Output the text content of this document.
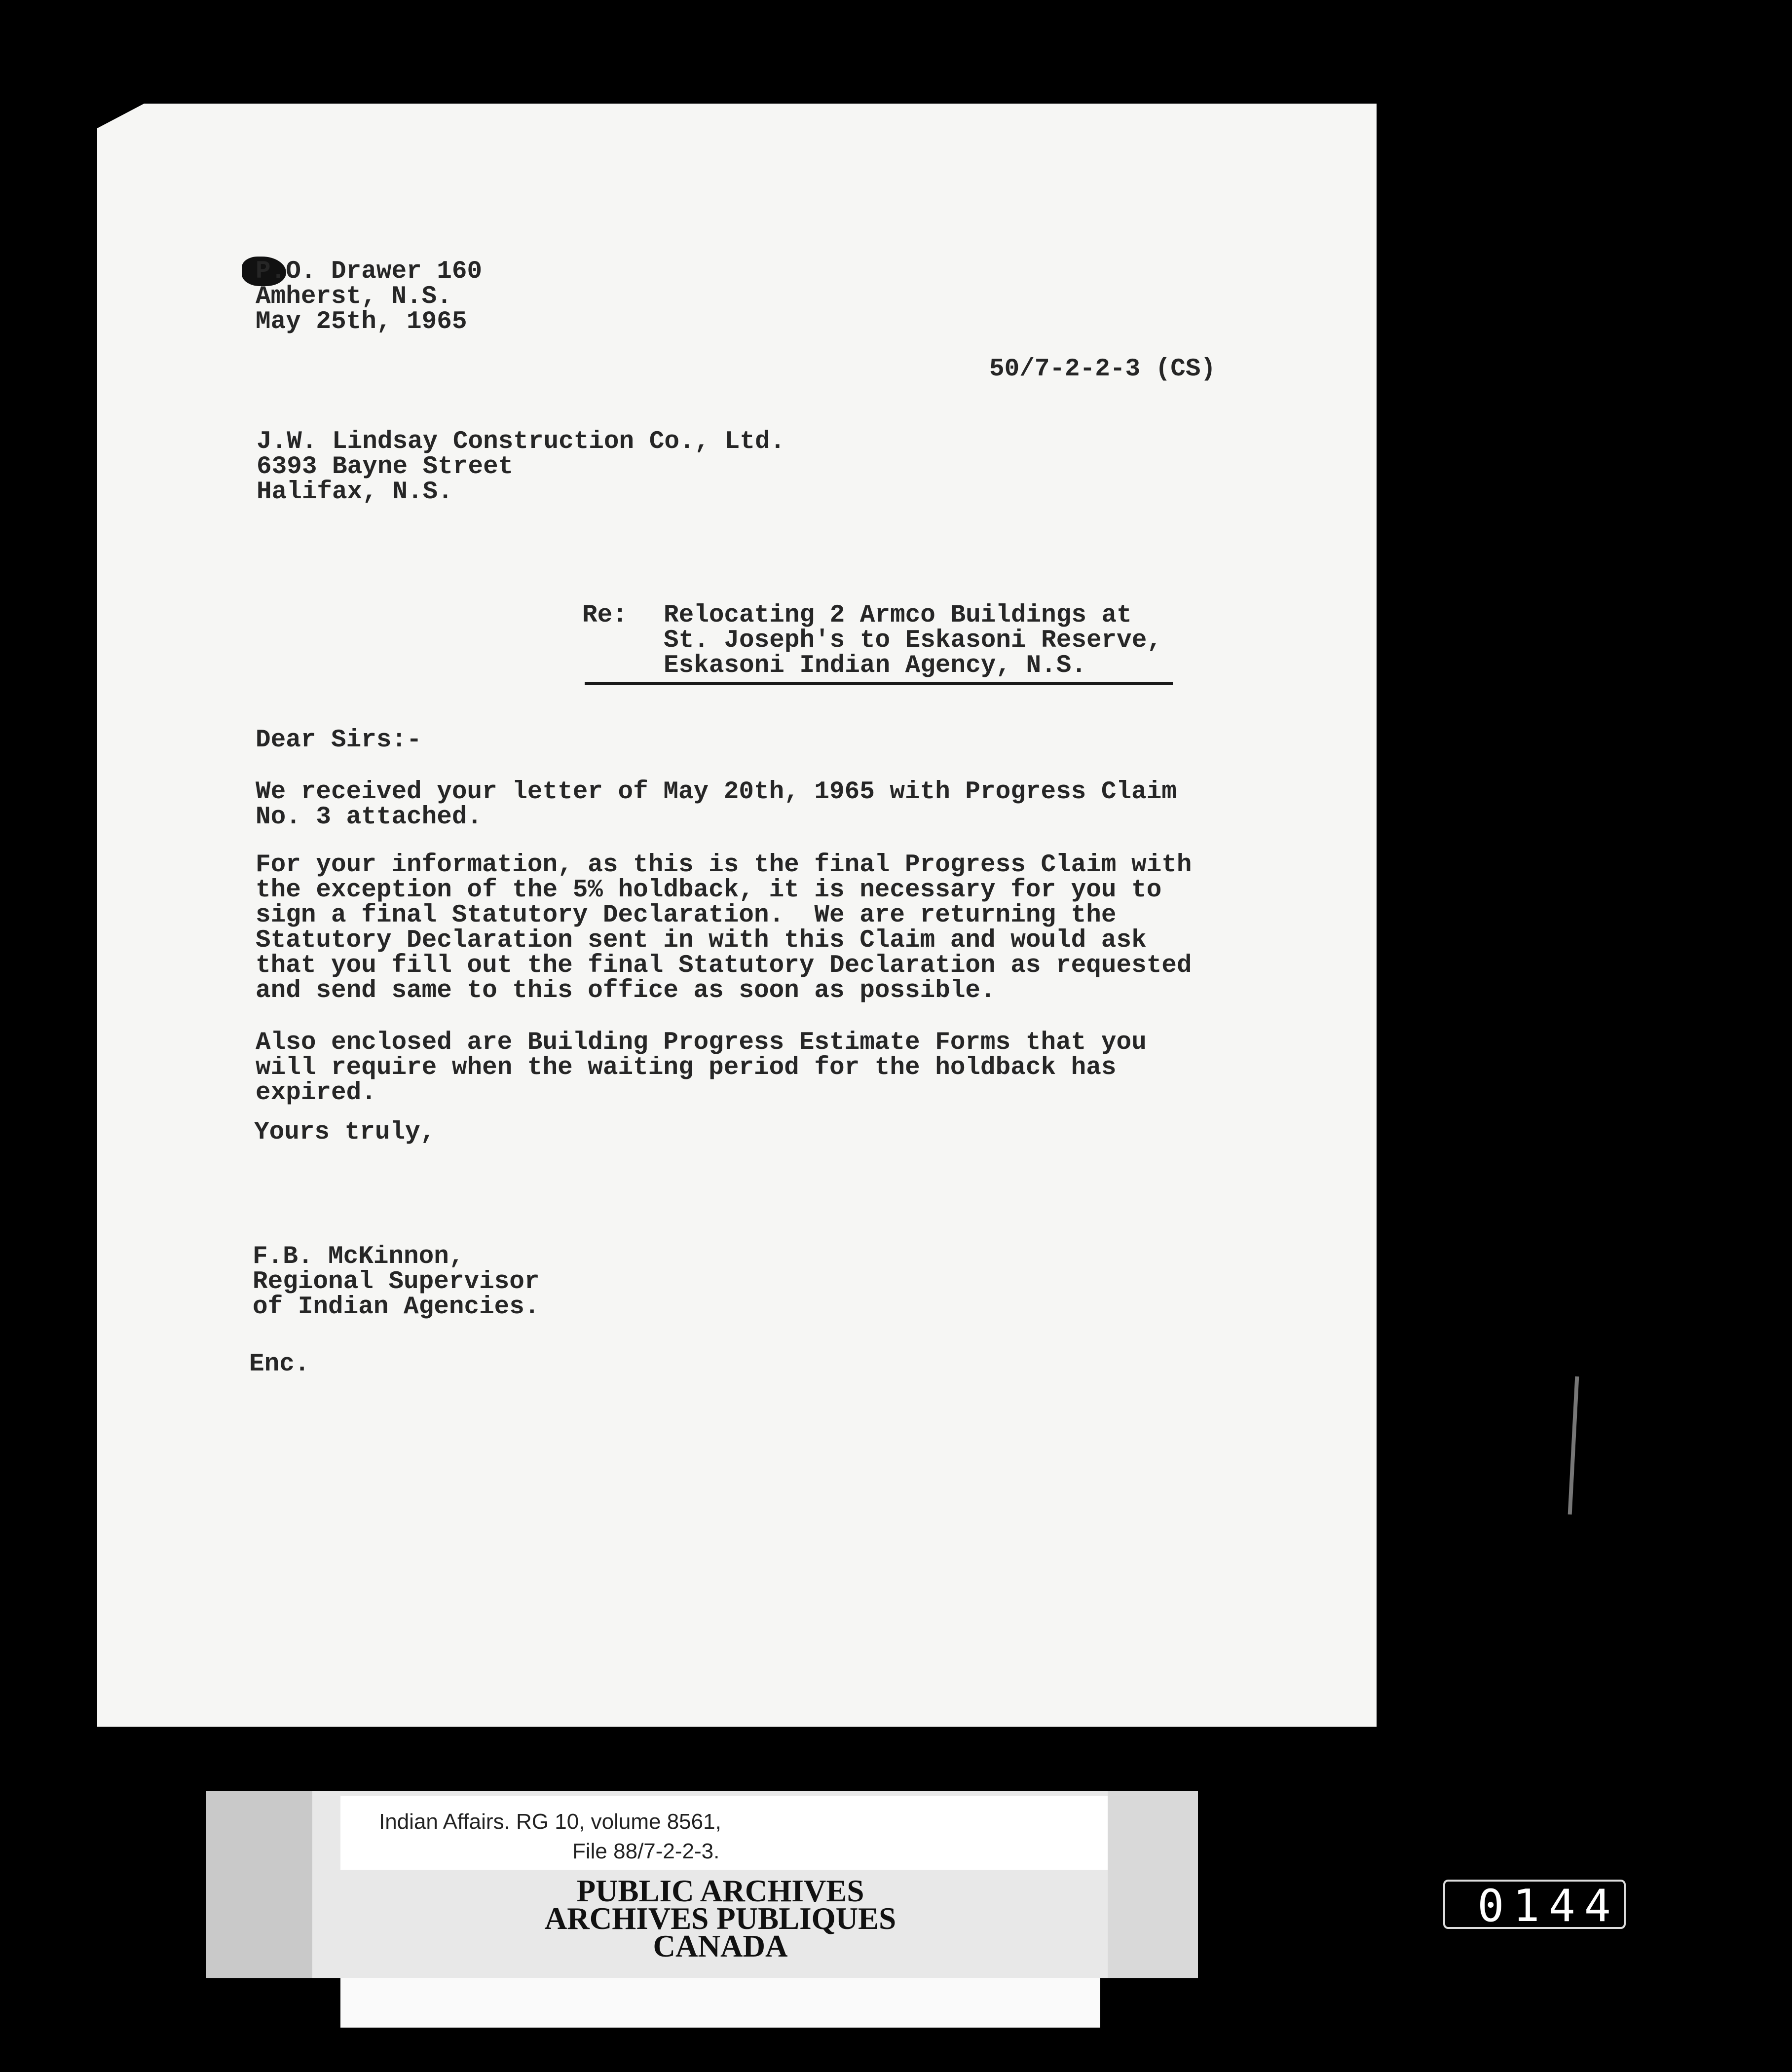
P.O. Drawer 160
Amherst, N.S.
May 25th, 1965
50/7-2-2-3 (CS)
J.W. Lindsay Construction Co., Ltd.
6393 Bayne Street
Halifax, N.S.
Re: Relocating 2 Armco Buildings at
St. Joseph's to Eskasoni Reserve,
Eskasoni Indian Agency, N.S.
Dear Sirs:-
We received your letter of May 20th, 1965 with Progress Claim
No. 3 attached.
For your information, as this is the final Progress Claim with
the exception of the 5% holdback, it is necessary for you to
sign a final Statutory Declaration.  We are returning the
Statutory Declaration sent in with this Claim and would ask
that you fill out the final Statutory Declaration as requested
and send same to this office as soon as possible.
Also enclosed are Building Progress Estimate Forms that you
will require when the waiting period for the holdback has
expired.
Yours truly,
F.B. McKinnon,
Regional Supervisor
of Indian Agencies.
Enc.
Indian Affairs. RG 10, volume 8561,
File 88/7-2-2-3.
PUBLIC ARCHIVES
ARCHIVES PUBLIQUES
CANADA
0144
